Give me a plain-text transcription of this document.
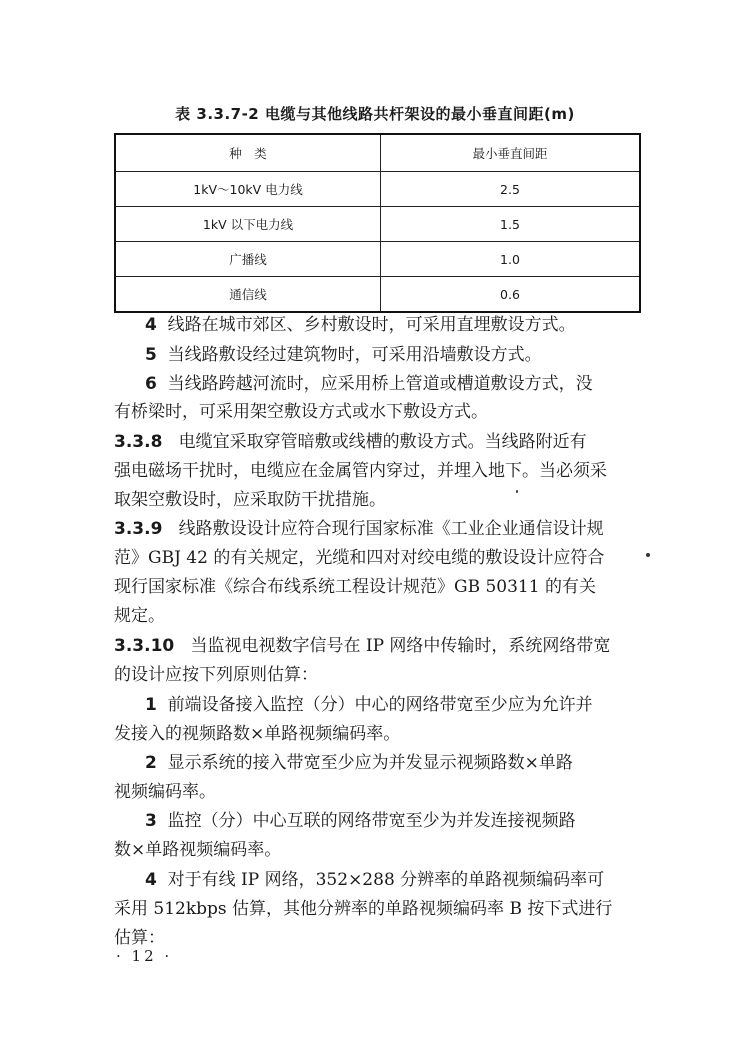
表 3.3.7-2 电缆与其他线路共杆架设的最小垂直间距(m)
种　类	最小垂直间距
1kV～10kV 电力线	2.5
1kV 以下电力线	1.5
广播线	1.0
通信线	0.6
4 线路在城市郊区、乡村敷设时，可采用直埋敷设方式。
5 当线路敷设经过建筑物时，可采用沿墙敷设方式。
6 当线路跨越河流时，应采用桥上管道或槽道敷设方式，没
有桥梁时，可采用架空敷设方式或水下敷设方式。
3.3.8 电缆宜采取穿管暗敷或线槽的敷设方式。当线路附近有
强电磁场干扰时，电缆应在金属管内穿过，并埋入地下。当必须采
取架空敷设时，应采取防干扰措施。
3.3.9 线路敷设设计应符合现行国家标准《工业企业通信设计规
范》GBJ 42 的有关规定，光缆和四对对绞电缆的敷设设计应符合
现行国家标准《综合布线系统工程设计规范》GB 50311 的有关
规定。
3.3.10 当监视电视数字信号在 IP 网络中传输时，系统网络带宽
的设计应按下列原则估算：
1 前端设备接入监控（分）中心的网络带宽至少应为允许并
发接入的视频路数×单路视频编码率。
2 显示系统的接入带宽至少应为并发显示视频路数×单路
视频编码率。
3 监控（分）中心互联的网络带宽至少为并发连接视频路
数×单路视频编码率。
4 对于有线 IP 网络，352×288 分辨率的单路视频编码率可
采用 512kbps 估算，其他分辨率的单路视频编码率 B 按下式进行
估算：
· 12 ·
